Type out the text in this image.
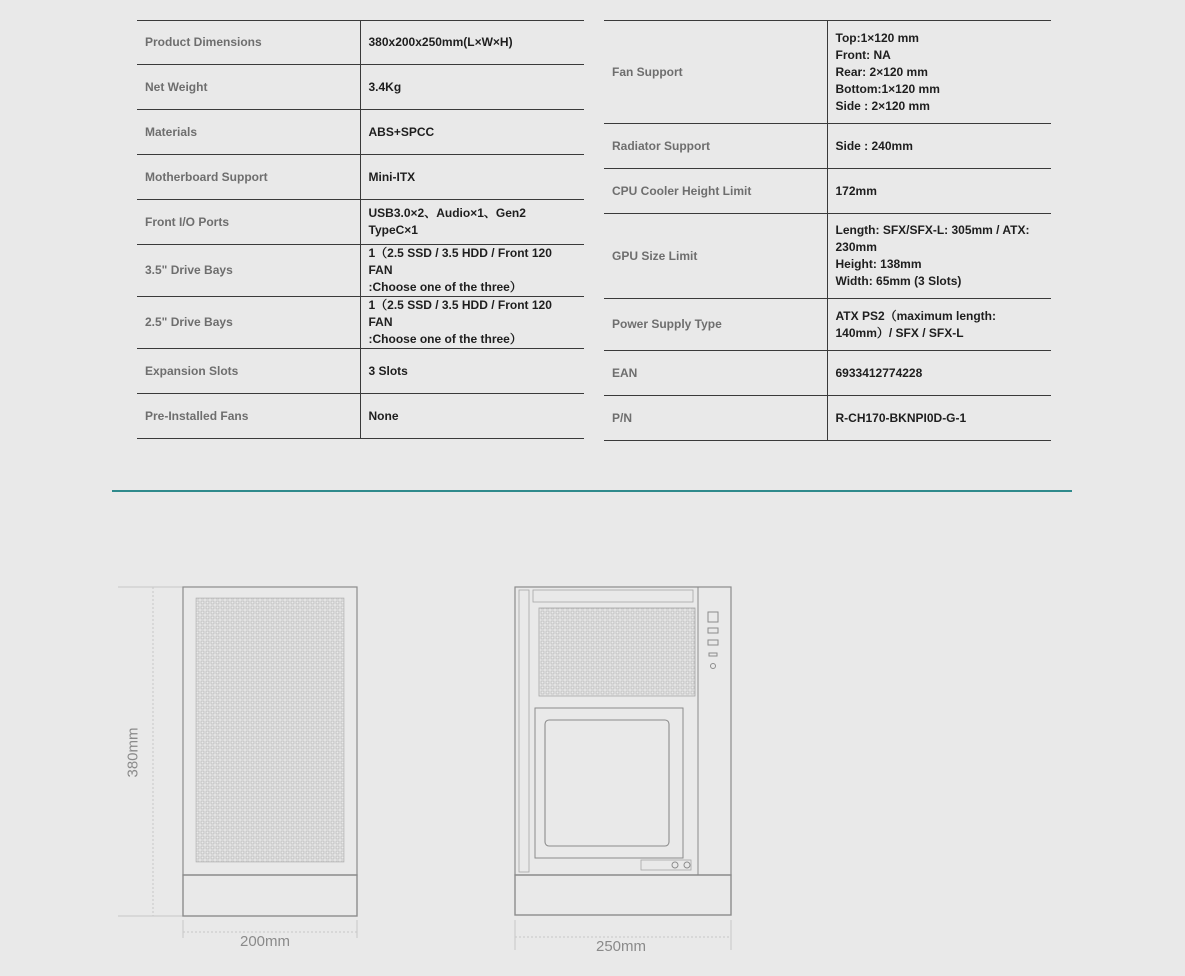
Product Dimensions	380x200x250mm(L×W×H)

Net Weight	3.4Kg

Materials	ABS+SPCC

Motherboard Support	Mini-ITX

Front I/O Ports	USB3.0×2、Audio×1、Gen2 TypeC×1

3.5" Drive Bays	1（2.5 SSD / 3.5 HDD / Front 120 FAN
:Choose one of the three）

2.5" Drive Bays	1（2.5 SSD / 3.5 HDD / Front 120 FAN
:Choose one of the three）

Expansion Slots	3 Slots

Pre-Installed Fans	None
Fan Support	Top:1×120 mm
Front: NA
Rear: 2×120 mm
Bottom:1×120 mm
Side : 2×120 mm

Radiator Support	Side : 240mm

CPU Cooler Height Limit	172mm

GPU Size Limit	Length: SFX/SFX-L: 305mm / ATX:
230mm
Height: 138mm
Width: 65mm (3 Slots)

Power Supply Type	ATX PS2（maximum length:
140mm）/ SFX / SFX-L

EAN	6933412774228

P/N	R-CH170-BKNPI0D-G-1
380mm
200mm	250mm
